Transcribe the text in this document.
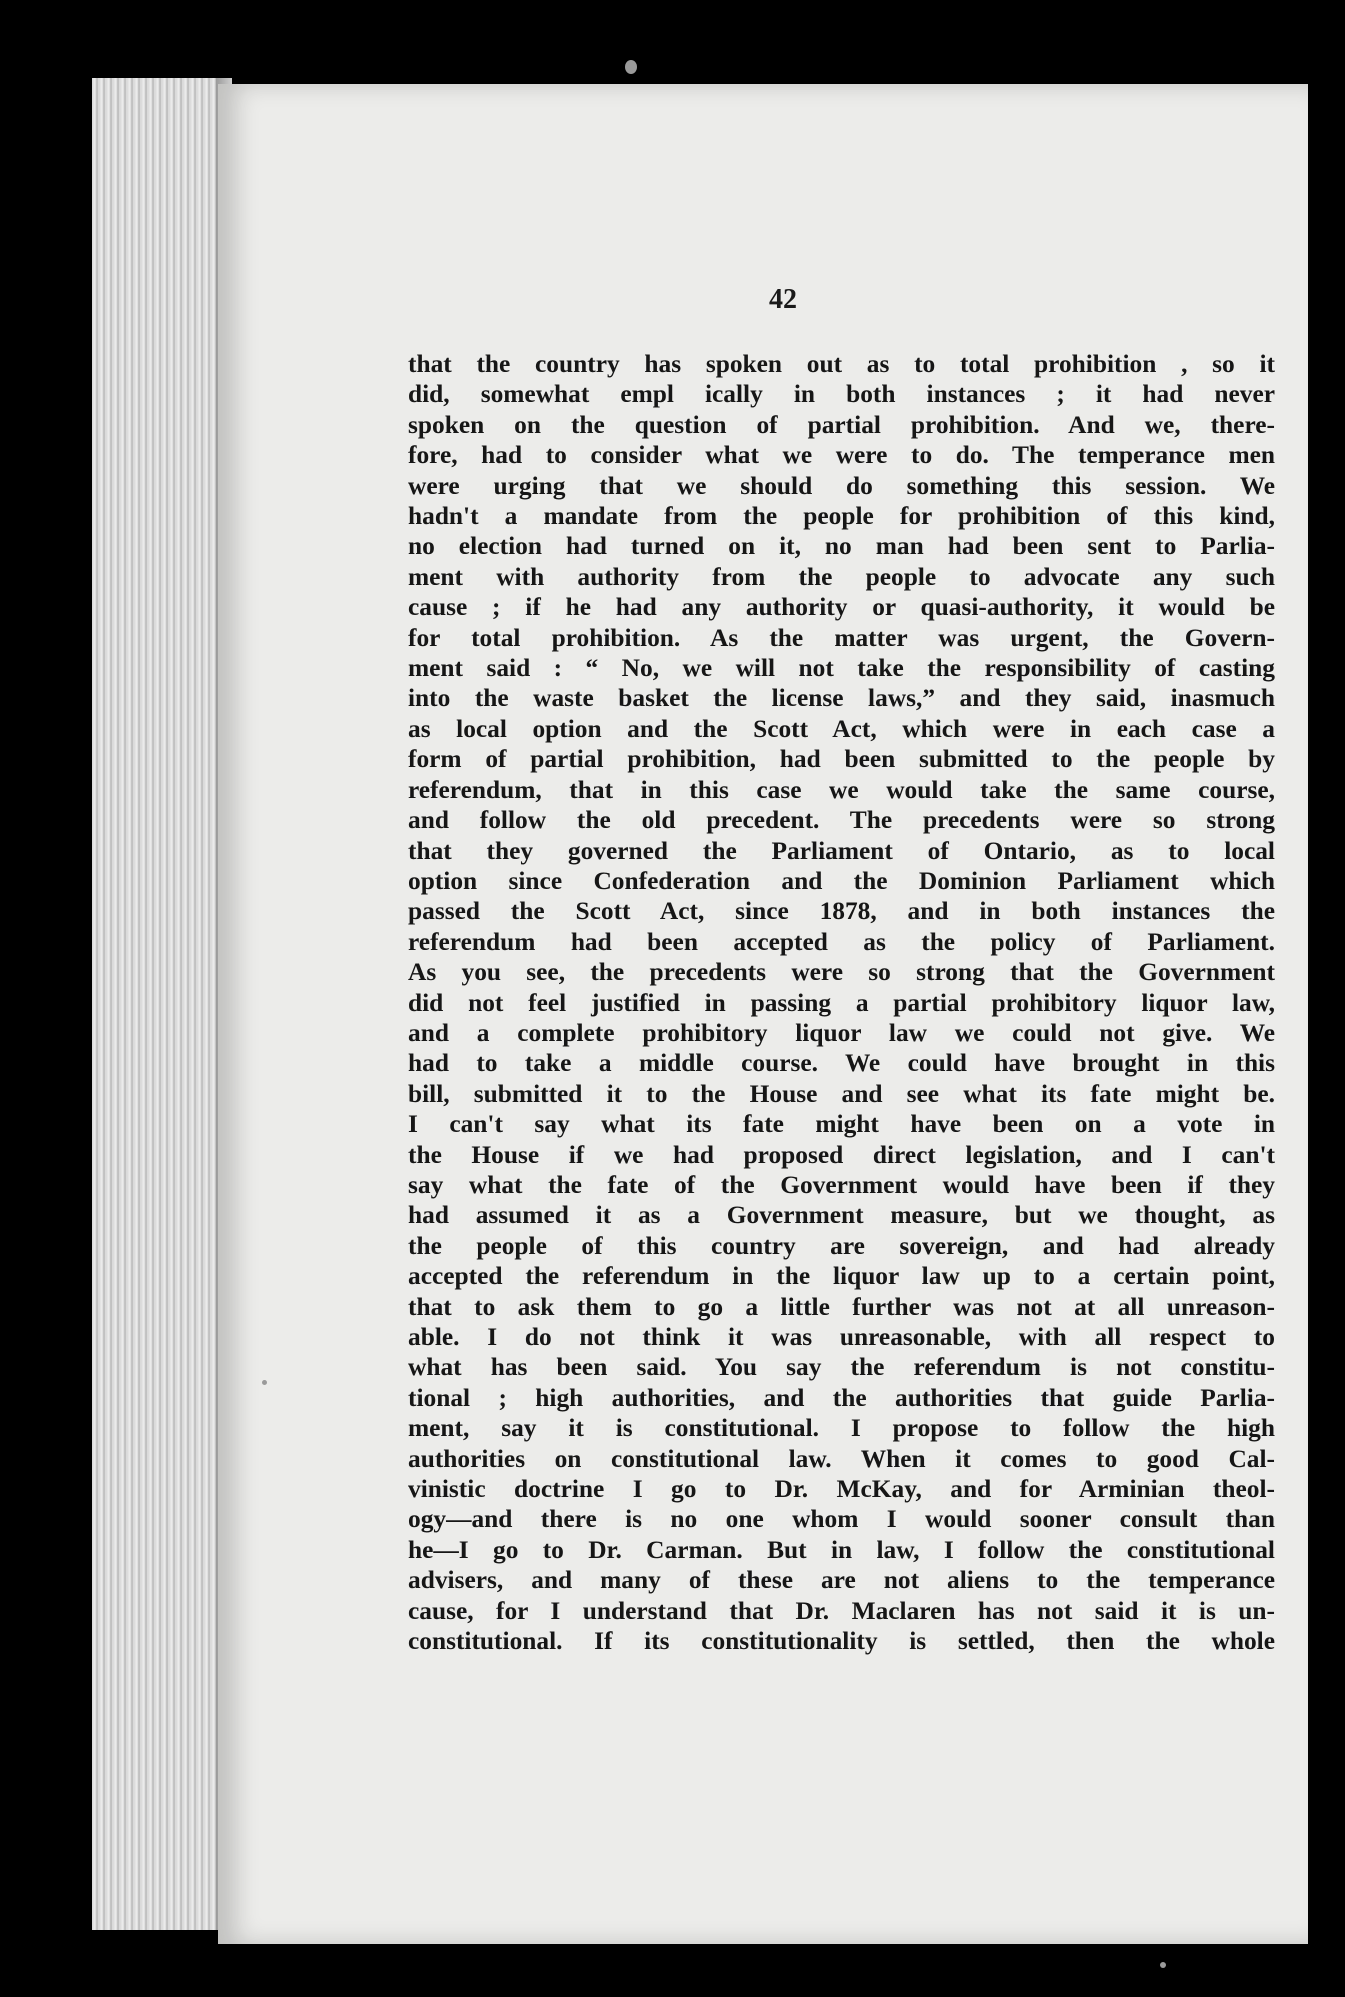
42
that the country has spoken out as to total prohibition , so it
did, somewhat empl ically in both instances ; it had never
spoken on the question of partial prohibition. And we, there-
fore, had to consider what we were to do. The temperance men
were urging that we should do something this session. We
hadn't a mandate from the people for prohibition of this kind,
no election had turned on it, no man had been sent to Parlia-
ment with authority from the people to advocate any such
cause ; if he had any authority or quasi-authority, it would be
for total prohibition. As the matter was urgent, the Govern-
ment said : “ No, we will not take the responsibility of casting
into the waste basket the license laws,” and they said, inasmuch
as local option and the Scott Act, which were in each case a
form of partial prohibition, had been submitted to the people by
referendum, that in this case we would take the same course,
and follow the old precedent. The precedents were so strong
that they governed the Parliament of Ontario, as to local
option since Confederation and the Dominion Parliament which
passed the Scott Act, since 1878, and in both instances the
referendum had been accepted as the policy of Parliament.
As you see, the precedents were so strong that the Government
did not feel justified in passing a partial prohibitory liquor law,
and a complete prohibitory liquor law we could not give. We
had to take a middle course. We could have brought in this
bill, submitted it to the House and see what its fate might be.
I can't say what its fate might have been on a vote in
the House if we had proposed direct legislation, and I can't
say what the fate of the Government would have been if they
had assumed it as a Government measure, but we thought, as
the people of this country are sovereign, and had already
accepted the referendum in the liquor law up to a certain point,
that to ask them to go a little further was not at all unreason-
able. I do not think it was unreasonable, with all respect to
what has been said. You say the referendum is not constitu-
tional ; high authorities, and the authorities that guide Parlia-
ment, say it is constitutional. I propose to follow the high
authorities on constitutional law. When it comes to good Cal-
vinistic doctrine I go to Dr. McKay, and for Arminian theol-
ogy—and there is no one whom I would sooner consult than
he—I go to Dr. Carman. But in law, I follow the constitutional
advisers, and many of these are not aliens to the temperance
cause, for I understand that Dr. Maclaren has not said it is un-
constitutional. If its constitutionality is settled, then the whole
